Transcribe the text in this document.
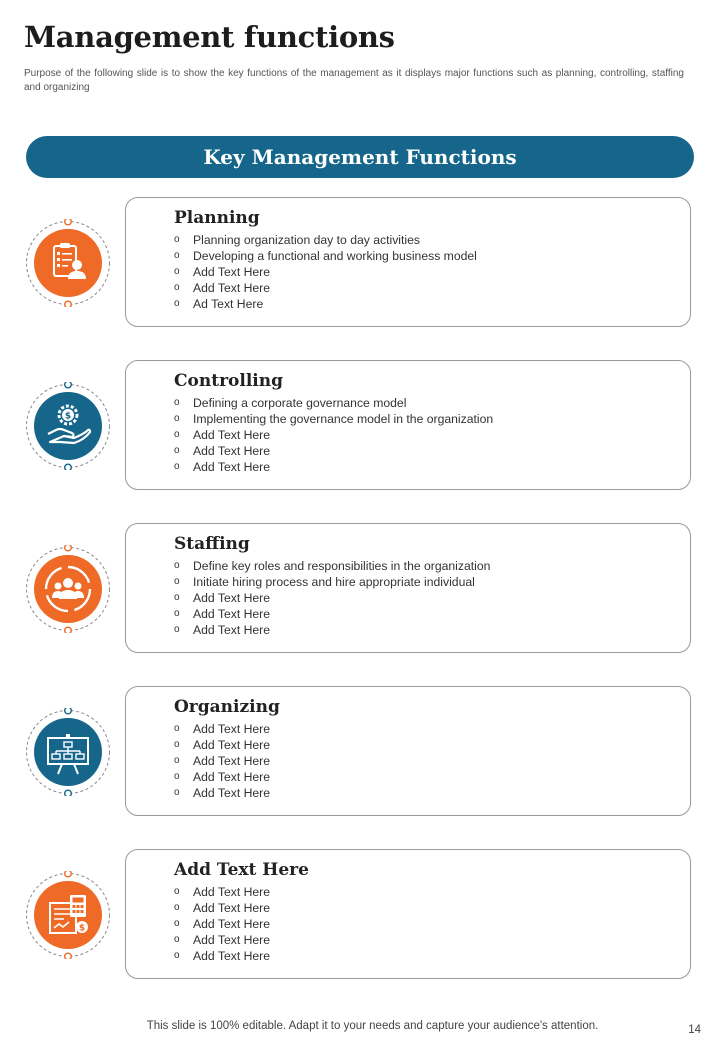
Management functions
Purpose of the following slide is to show the key functions of the management as it displays major functions such as planning, controlling, staffing and organizing
Key Management Functions
Planning
o	Planning organization day to day activities
o	Developing a functional and working business model
o	Add Text Here
o	Add Text Here
o	Ad Text Here
$
Controlling
o	Defining a corporate governance model
o	Implementing the governance model in the organization
o	Add Text Here
o	Add Text Here
o	Add Text Here
Staffing
o	Define key roles and responsibilities in the organization
o	Initiate hiring process and hire appropriate individual
o	Add Text Here
o	Add Text Here
o	Add Text Here
Organizing
o	Add Text Here
o	Add Text Here
o	Add Text Here
o	Add Text Here
o	Add Text Here
$
Add Text Here
o	Add Text Here
o	Add Text Here
o	Add Text Here
o	Add Text Here
o	Add Text Here
This slide is 100% editable. Adapt it to your needs and capture your audience's attention.	14
